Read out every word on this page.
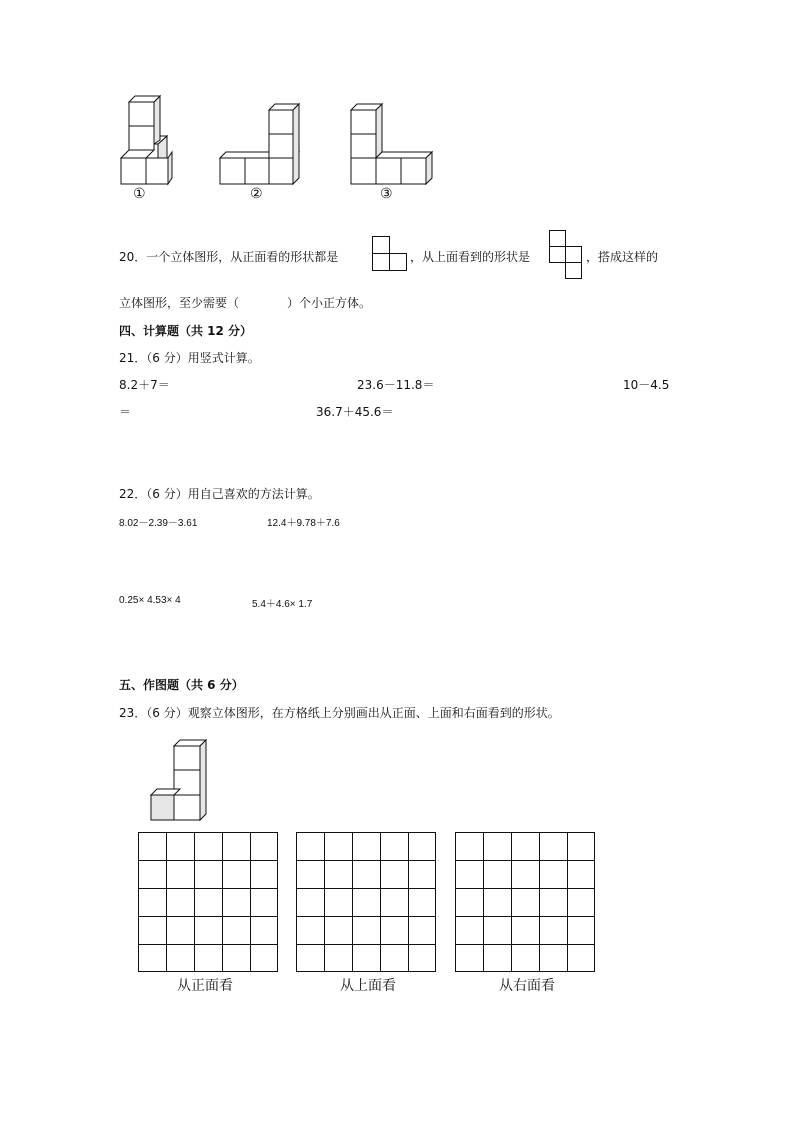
①	②	③
20．一个立体图形，从正面看的形状都是	，从上面看到的形状是	，搭成这样的
立体图形，至少需要（　　　　）个小正方体。
四、计算题（共 12 分）
21．（6 分）用竖式计算。
8.2＋7＝	23.6－11.8＝	10－4.5
＝	36.7＋45.6＝
22．（6 分）用自己喜欢的方法计算。
8.02－2.39－3.61	12.4＋9.78＋7.6
0.25× 4.53× 4	5.4＋4.6× 1.7
五、作图题（共 6 分）
23．（6 分）观察立体图形，在方格纸上分别画出从正面、上面和右面看到的形状。
从正面看	从上面看	从右面看
